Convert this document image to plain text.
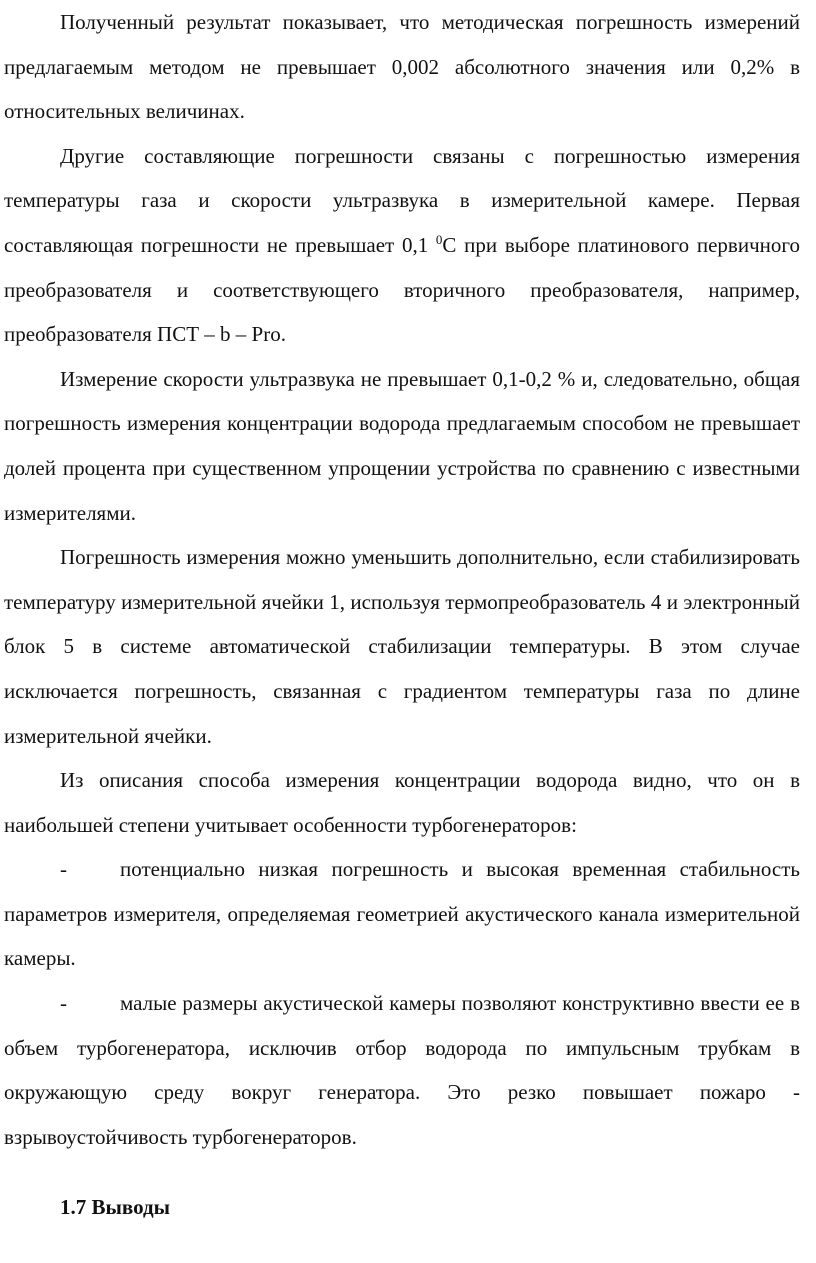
Полученный результат показывает, что методическая погрешность измерений предлагаемым методом не превышает 0,002 абсолютного значения или 0,2% в относительных величинах.

Другие составляющие погрешности связаны с погрешностью измерения температуры газа и скорости ультразвука в измерительной камере. Первая составляющая погрешности не превышает 0,1 $^0$С при выборе платинового первичного преобразователя и соответствующего вторичного преобразователя, например, преобразователя ПСТ – b – Pro.

Измерение скорости ультразвука не превышает 0,1-0,2 % и, следовательно, общая погрешность измерения концентрации водорода предлагаемым способом не превышает долей процента при существенном упрощении устройства по сравнению с известными измерителями.

Погрешность измерения можно уменьшить дополнительно, если стабилизировать температуру измерительной ячейки 1, используя термопреобразователь 4 и электронный блок 5 в системе автоматической стабилизации температуры. В этом случае исключается погрешность, связанная с градиентом температуры газа по длине измерительной ячейки.

Из описания способа измерения концентрации водорода видно, что он в наибольшей степени учитывает особенности турбогенераторов:

-	потенциально низкая погрешность и высокая временная стабильность параметров измерителя, определяемая геометрией акустического канала измерительной камеры.

-	малые размеры акустической камеры позволяют конструктивно ввести ее в объем турбогенератора, исключив отбор водорода по импульсным трубкам в окружающую среду вокруг генератора. Это резко повышает пожаро - взрывоустойчивость турбогенераторов.

1.7 Выводы
